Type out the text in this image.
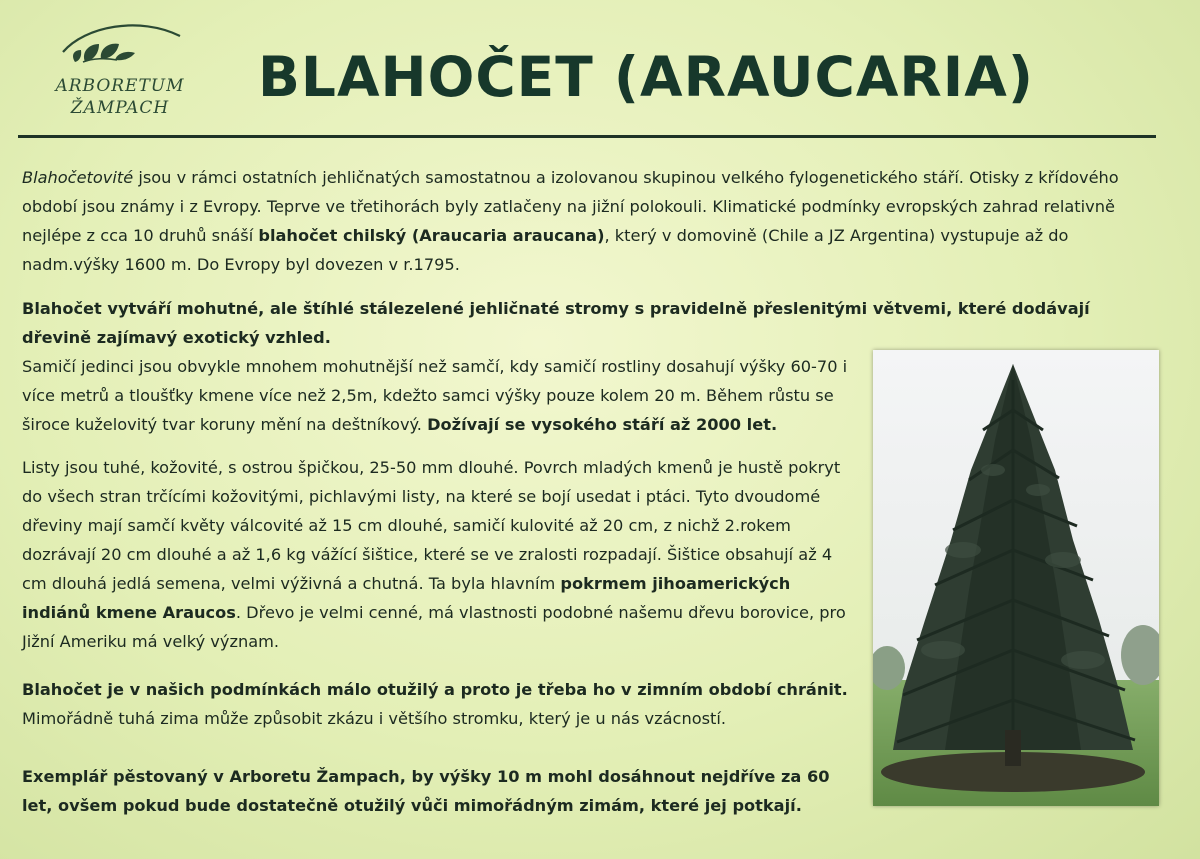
ARBORETUM
ŽAMPACH BLAHOČET (ARAUCARIA)

Blahočetovité jsou v rámci ostatních jehličnatých samostatnou a izolovanou skupinou velkého fylogenetického stáří. Otisky z křídového období jsou známy i z Evropy. Teprve ve třetihorách byly zatlačeny na jižní polokouli. Klimatické podmínky evropských zahrad relativně nejlépe z cca 10 druhů snáší blahočet chilský (Araucaria araucana), který v domovině (Chile a JZ Argentina) vystupuje až do nadm.výšky 1600 m. Do Evropy byl dovezen v r.1795.

Blahočet vytváří mohutné, ale štíhlé stálezelené jehličnaté stromy s pravidelně přeslenitými větvemi, které dodávají dřevině zajímavý exotický vzhled.

Samičí jedinci jsou obvykle mnohem mohutnější než samčí, kdy samičí rostliny dosahují výšky 60-70 i více metrů a tloušťky kmene více než 2,5m, kdežto samci výšky pouze kolem 20 m. Během růstu se široce kuželovitý tvar koruny mění na deštníkový. Dožívají se vysokého stáří až 2000 let.

Listy jsou tuhé, kožovité, s ostrou špičkou, 25-50 mm dlouhé. Povrch mladých kmenů je hustě pokryt do všech stran trčícími kožovitými, pichlavými listy, na které se bojí usedat i ptáci. Tyto dvoudomé dřeviny mají samčí květy válcovité až 15 cm dlouhé, samičí kulovité až 20 cm, z nichž 2.rokem dozrávají 20 cm dlouhé a až 1,6 kg vážící šištice, které se ve zralosti rozpadají. Šištice obsahují až 4 cm dlouhá jedlá semena, velmi výživná a chutná. Ta byla hlavním pokrmem jihoamerických indiánů kmene Araucos. Dřevo je velmi cenné, má vlastnosti podobné našemu dřevu borovice, pro Jižní Ameriku má velký význam.

Blahočet je v našich podmínkách málo otužilý a proto je třeba ho v zimním období chránit.
Mimořádně tuhá zima může způsobit zkázu i většího stromku, který je u nás vzácností.

Exemplář pěstovaný v Arboretu Žampach, by výšky 10 m mohl dosáhnout nejdříve za 60 let, ovšem pokud bude dostatečně otužilý vůči mimořádným zimám, které jej potkají.
